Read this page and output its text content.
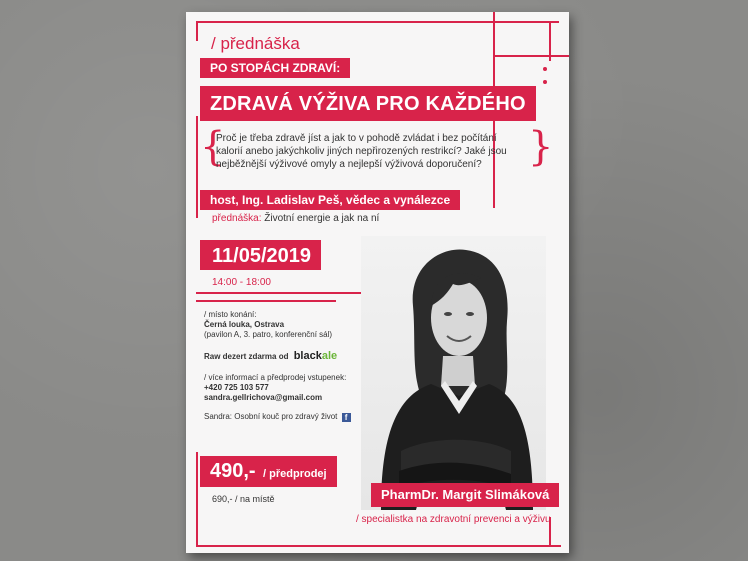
/ přednáška
PO STOPÁCH ZDRAVÍ:
ZDRAVÁ VÝŽIVA PRO KAŽDÉHO
{
Proč je třeba zdravě jíst a jak to v pohodě zvládat i bez počítání kalorií anebo jakýchkoliv jiných nepřirozených restrikcí? Jaké jsou nejběžnější výživové omyly a nejlepší výživová doporučení?	}
host, Ing. Ladislav Peš, vědec a vynálezce
přednáška: Životní energie a jak na ní
11/05/2019
14:00 - 18:00
/ místo konání:
Černá louka, Ostrava
(pavilon A, 3. patro, konferenční sál)
Raw dezert zdarma od blackale
/ více informací a předprodej vstupenek:
+420 725 103 577
sandra.gellrichova@gmail.com
Sandra: Osobní kouč pro zdravý život f
490,- / předprodej
690,- / na místě	PharmDr. Margit Slimáková
/ specialistka na zdravotní prevenci a výživu
